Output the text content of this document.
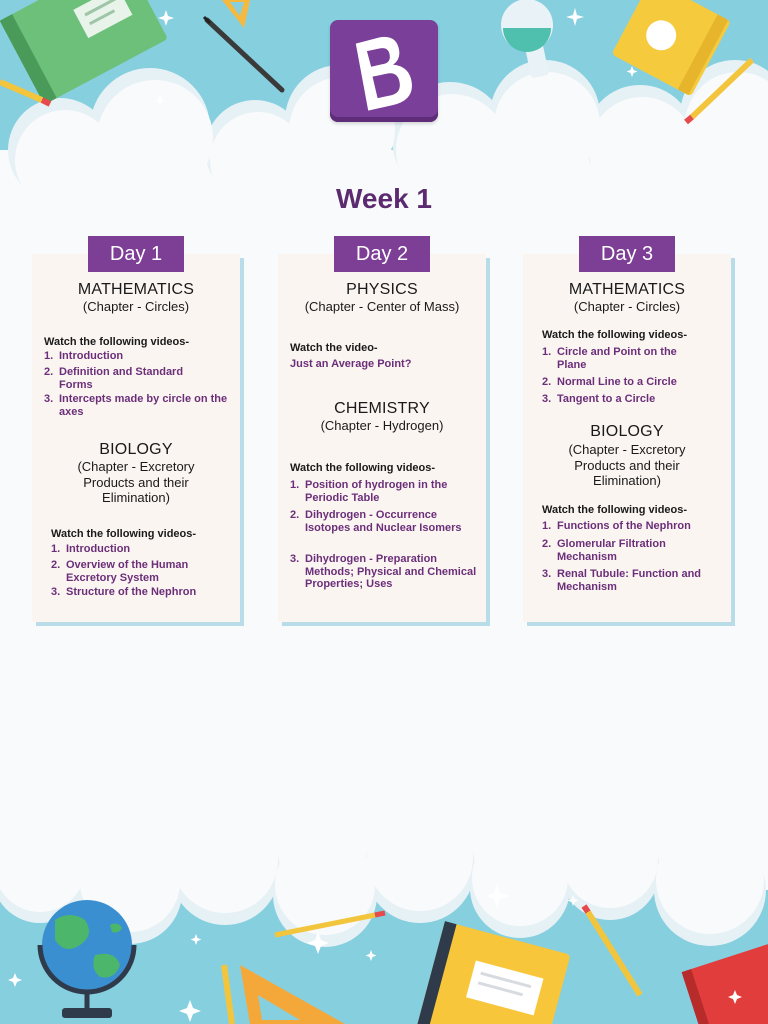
Week 1
Day 1
MATHEMATICS
(Chapter - Circles)
Watch the following videos-
1. Introduction
2. Definition and Standard Forms
3. Intercepts made by circle on the axes
BIOLOGY
(Chapter - Excretory Products and their Elimination)
Watch the following videos-
1. Introduction
2. Overview of the Human Excretory System
3. Structure of the Nephron
Day 2
PHYSICS
(Chapter - Center of Mass)
Watch the video-
Just an Average Point?
CHEMISTRY
(Chapter - Hydrogen)
Watch the following videos-
1. Position of hydrogen in the Periodic Table
2. Dihydrogen - Occurrence Isotopes and Nuclear Isomers
3. Dihydrogen - Preparation Methods; Physical and Chemical Properties; Uses
Day 3
MATHEMATICS
(Chapter - Circles)
Watch the following videos-
1. Circle and Point on the Plane
2. Normal Line to a Circle
3. Tangent to a Circle
BIOLOGY
(Chapter - Excretory Products and their Elimination)
Watch the following videos-
1. Functions of the Nephron
2. Glomerular Filtration Mechanism
3. Renal Tubule: Function and Mechanism
